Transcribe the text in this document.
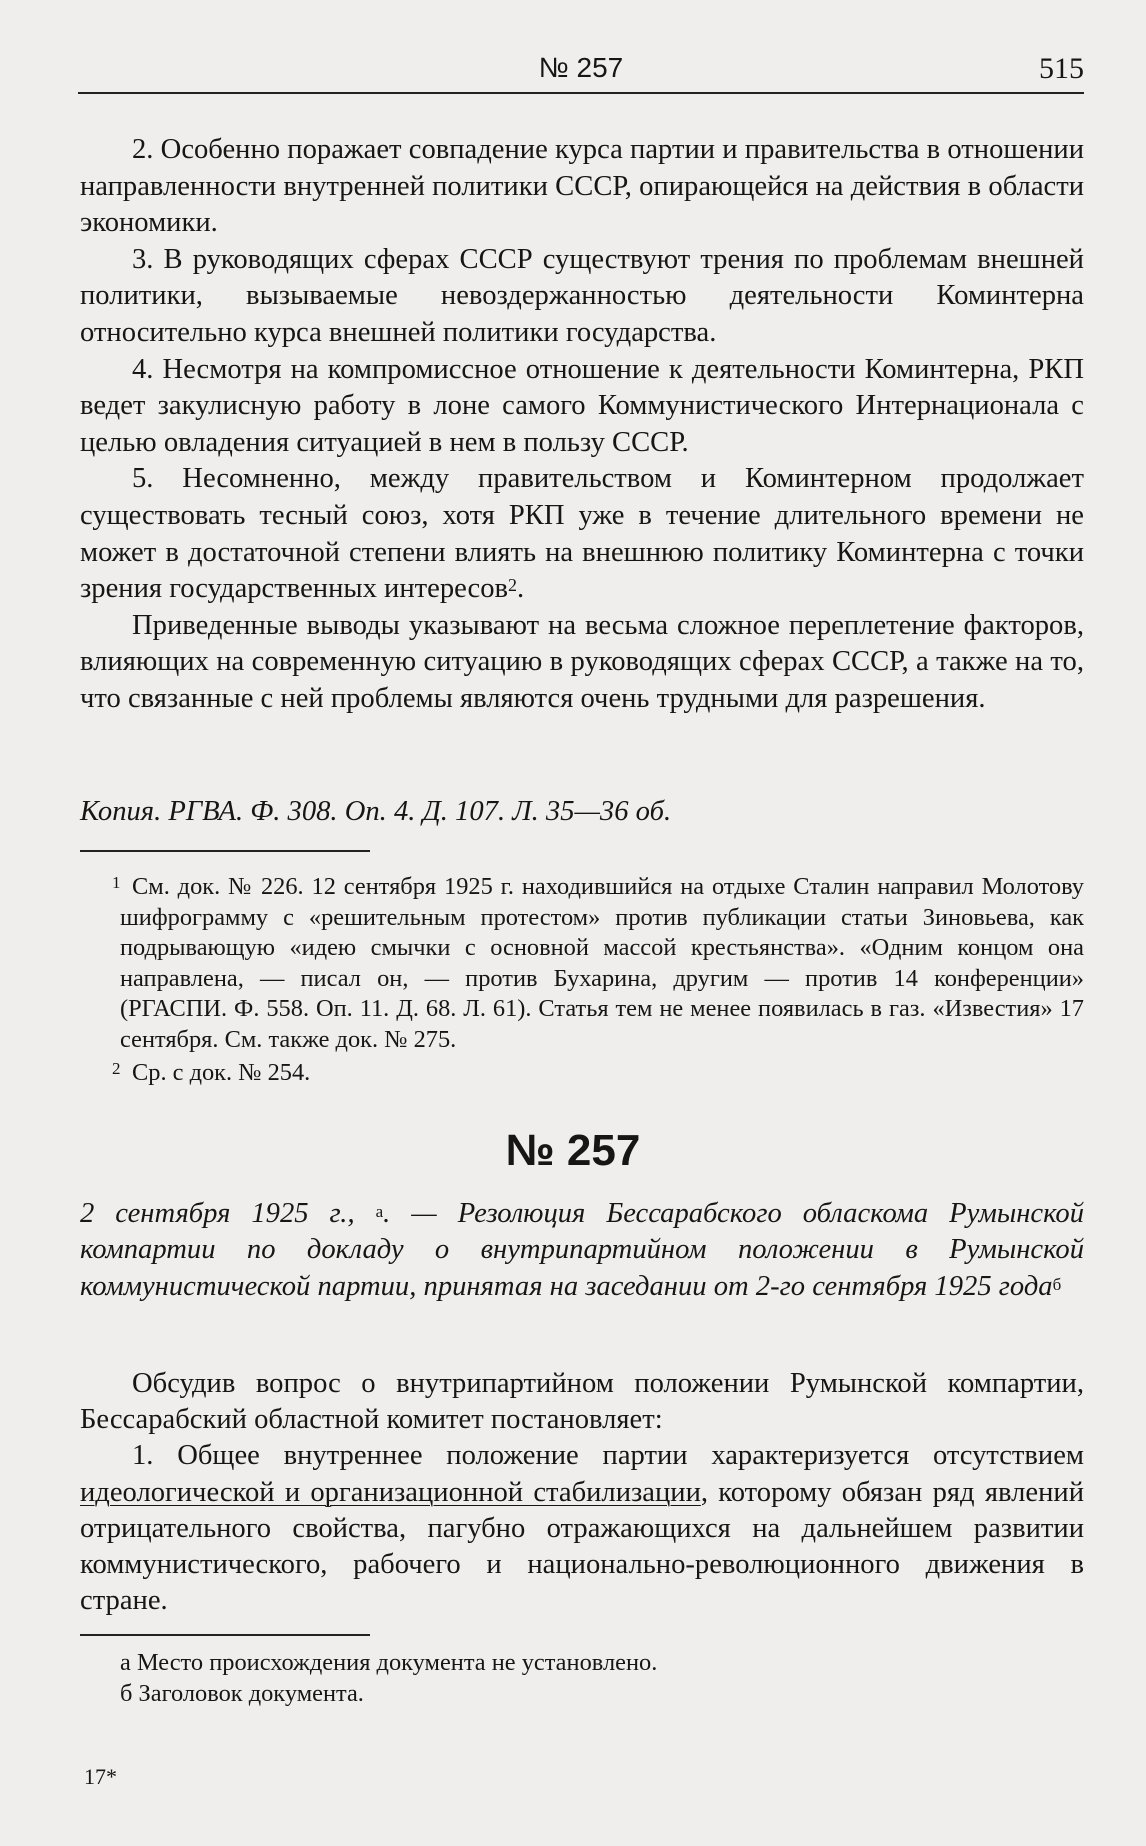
№ 257	515

2. Особенно поражает совпадение курса партии и правительства в отношении направленности внутренней политики СССР, опирающейся на действия в области экономики.

3. В руководящих сферах СССР существуют трения по проблемам внешней политики, вызываемые невоздержанностью деятельности Коминтерна относительно курса внешней политики государства.

4. Несмотря на компромиссное отношение к деятельности Коминтерна, РКП ведет закулисную работу в лоне самого Коммунистического Интернационала с целью овладения ситуацией в нем в пользу СССР.

5. Несомненно, между правительством и Коминтерном продолжает существовать тесный союз, хотя РКП уже в течение длительного времени не может в достаточной степени влиять на внешнюю политику Коминтерна с точки зрения государственных интересов$^2$.

Приведенные выводы указывают на весьма сложное переплетение факторов, влияющих на современную ситуацию в руководящих сферах СССР, а также на то, что связанные с ней проблемы являются очень трудными для разрешения.

Копия. РГВА. Ф. 308. Оп. 4. Д. 107. Л. 35—36 об.

1 См. док. № 226. 12 сентября 1925 г. находившийся на отдыхе Сталин направил Молотову шифрограмму с «решительным протестом» против публикации статьи Зиновьева, как подрывающую «идею смычки с основной массой крестьянства». «Одним концом она направлена, — писал он, — против Бухарина, другим — против 14 конференции» (РГАСПИ. Ф. 558. Оп. 11. Д. 68. Л. 61). Статья тем не менее появилась в газ. «Известия» 17 сентября. См. также док. № 275.

2 Ср. с док. № 254.

№ 257

2 сентября 1925 г., $^а$. — Резолюция Бессарабского обласкома Румынской компартии по докладу о внутрипартийном положении в Румынской коммунистической партии, принятая на заседании от 2-го сентября 1925 года$^б$

Обсудив вопрос о внутрипартийном положении Румынской компартии, Бессарабский областной комитет постановляет:

1. Общее внутреннее положение партии характеризуется отсутствием идеологической и организационной стабилизации, которому обязан ряд явлений отрицательного свойства, пагубно отражающихся на дальнейшем развитии коммунистического, рабочего и национально-революционного движения в стране.

а Место происхождения документа не установлено.

б Заголовок документа.

17*
